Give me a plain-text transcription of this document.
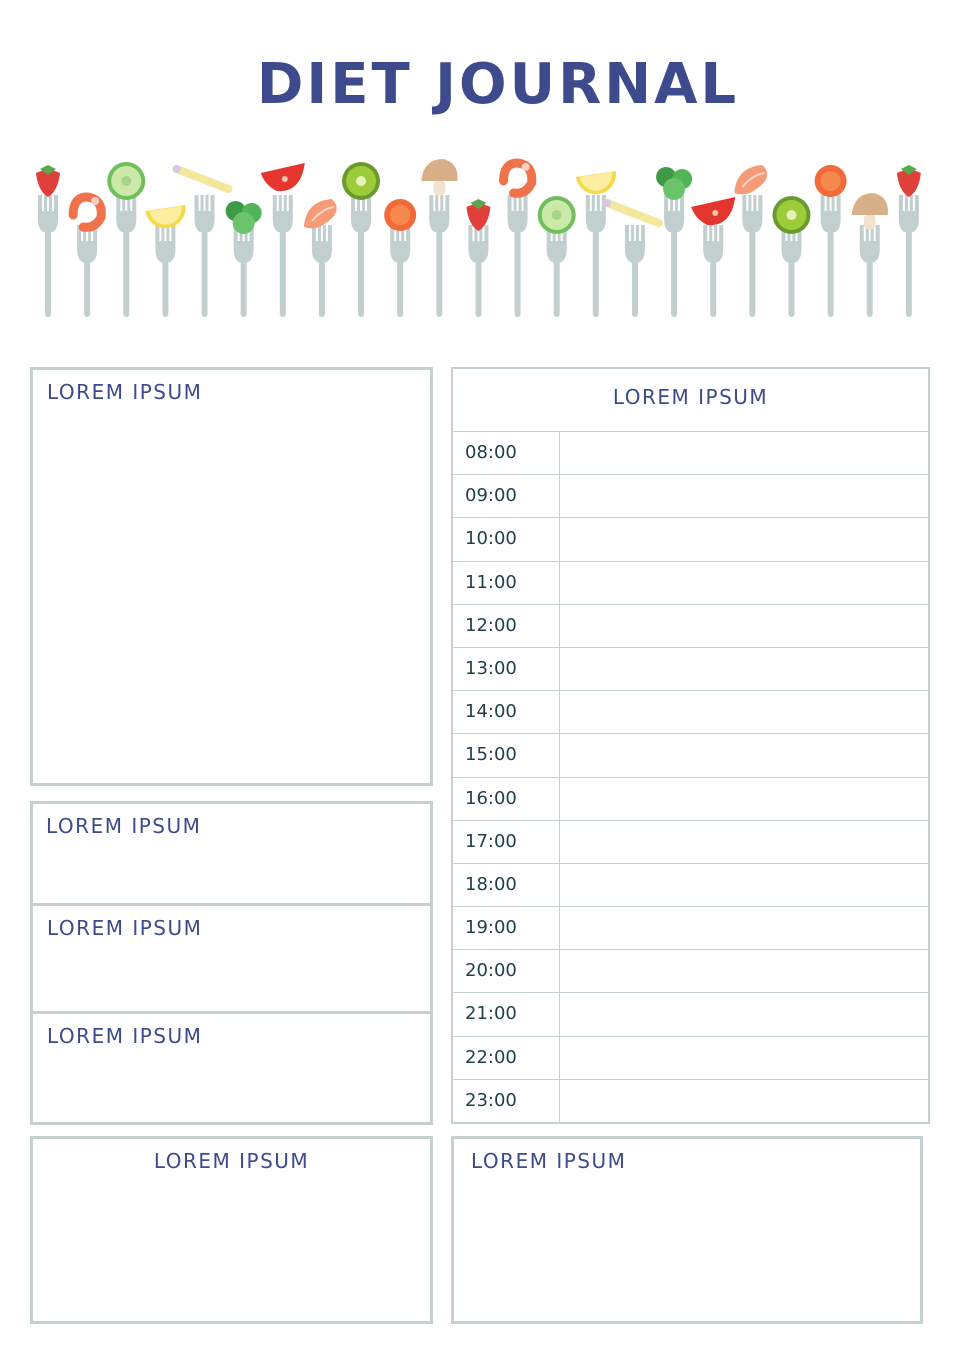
DIET JOURNAL
LOREM IPSUM
LOREM IPSUM
LOREM IPSUM
LOREM IPSUM
LOREM IPSUM
08:00
09:00
10:00
11:00
12:00
13:00
14:00
15:00
16:00
17:00
18:00
19:00
20:00
21:00
22:00
23:00
LOREM IPSUM	LOREM IPSUM
